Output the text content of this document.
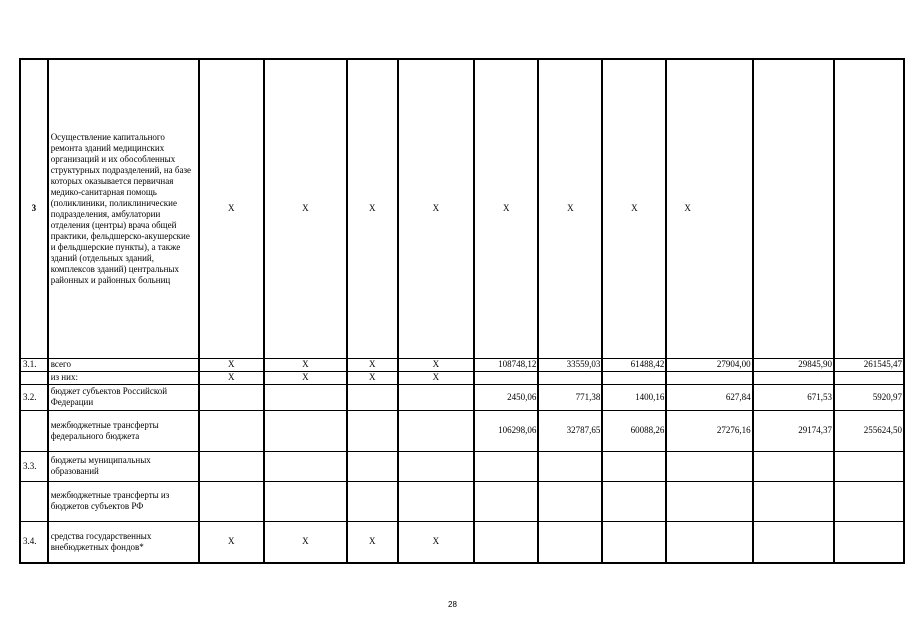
3	Осуществление капитального ремонта зданий медицинских организаций и их обособленных структурных подразделений, на базе которых оказывается первичная медико-санитарная помощь (поликлиники, поликлинические подразделения, амбулатории отделения (центры) врача общей практики, фельдшерско-акушерские и фельдшерские пункты), а также зданий (отдельных зданий, комплексов зданий) центральных районных и районных больниц	Х	Х	Х	Х	Х	Х	Х	Х		
3.1.	всего	Х	Х	Х	Х	108748,12	33559,03	61488,42	27904,00	29845,90	261545,47
	из них:	Х	Х	Х	Х						
3.2.	бюджет субъектов Российской Федерации					2450,06	771,38	1400,16	627,84	671,53	5920,97
	межбюджетные трансферты федерального бюджета					106298,06	32787,65	60088,26	27276,16	29174,37	255624,50
3.3.	бюджеты муниципальных образований										
	межбюджетные трансферты из бюджетов субъектов РФ										
3.4.	средства государственных внебюджетных фондов*	Х	Х	Х	Х						
28
